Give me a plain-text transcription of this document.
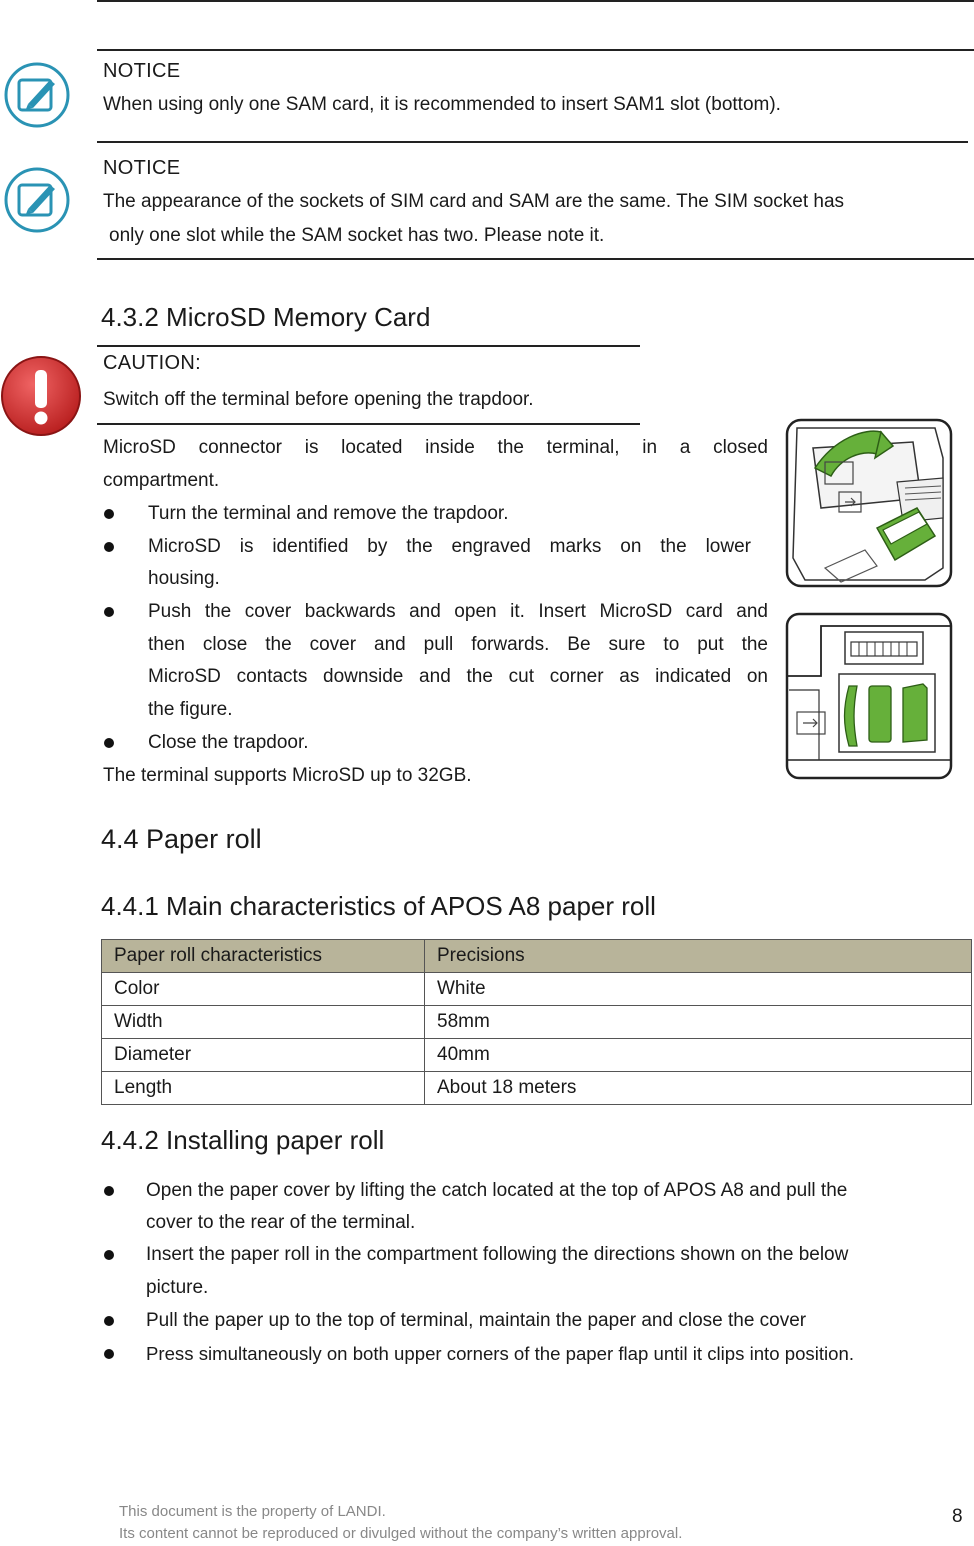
NOTICE
When using only one SAM card, it is recommended to insert SAM1 slot (bottom).
NOTICE
The appearance of the sockets of SIM card and SAM are the same. The SIM socket has
only one slot while the SAM socket has two. Please note it.
4.3.2 MicroSD Memory Card
CAUTION:
Switch off the terminal before opening the trapdoor.
MicroSD connector is located inside the terminal, in a closed
compartment.
Turn the terminal and remove the trapdoor.
MicroSD is identified by the engraved marks on the lower
housing.
Push the cover backwards and open it. Insert MicroSD card and
then close the cover and pull forwards. Be sure to put the
MicroSD contacts downside and the cut corner as indicated on
the figure.
Close the trapdoor.
The terminal supports MicroSD up to 32GB.
4.4 Paper roll
4.4.1 Main characteristics of APOS A8 paper roll
Paper roll characteristics	Precisions
Color	White
Width	58mm
Diameter	40mm
Length	About 18 meters
4.4.2 Installing paper roll
Open the paper cover by lifting the catch located at the top of APOS A8 and pull the
cover to the rear of the terminal.
Insert the paper roll in the compartment following the directions shown on the below
picture.
Pull the paper up to the top of terminal, maintain the paper and close the cover
Press simultaneously on both upper corners of the paper flap until it clips into position.
This document is the property of LANDI.
Its content cannot be reproduced or divulged without the company’s written approval.
8
